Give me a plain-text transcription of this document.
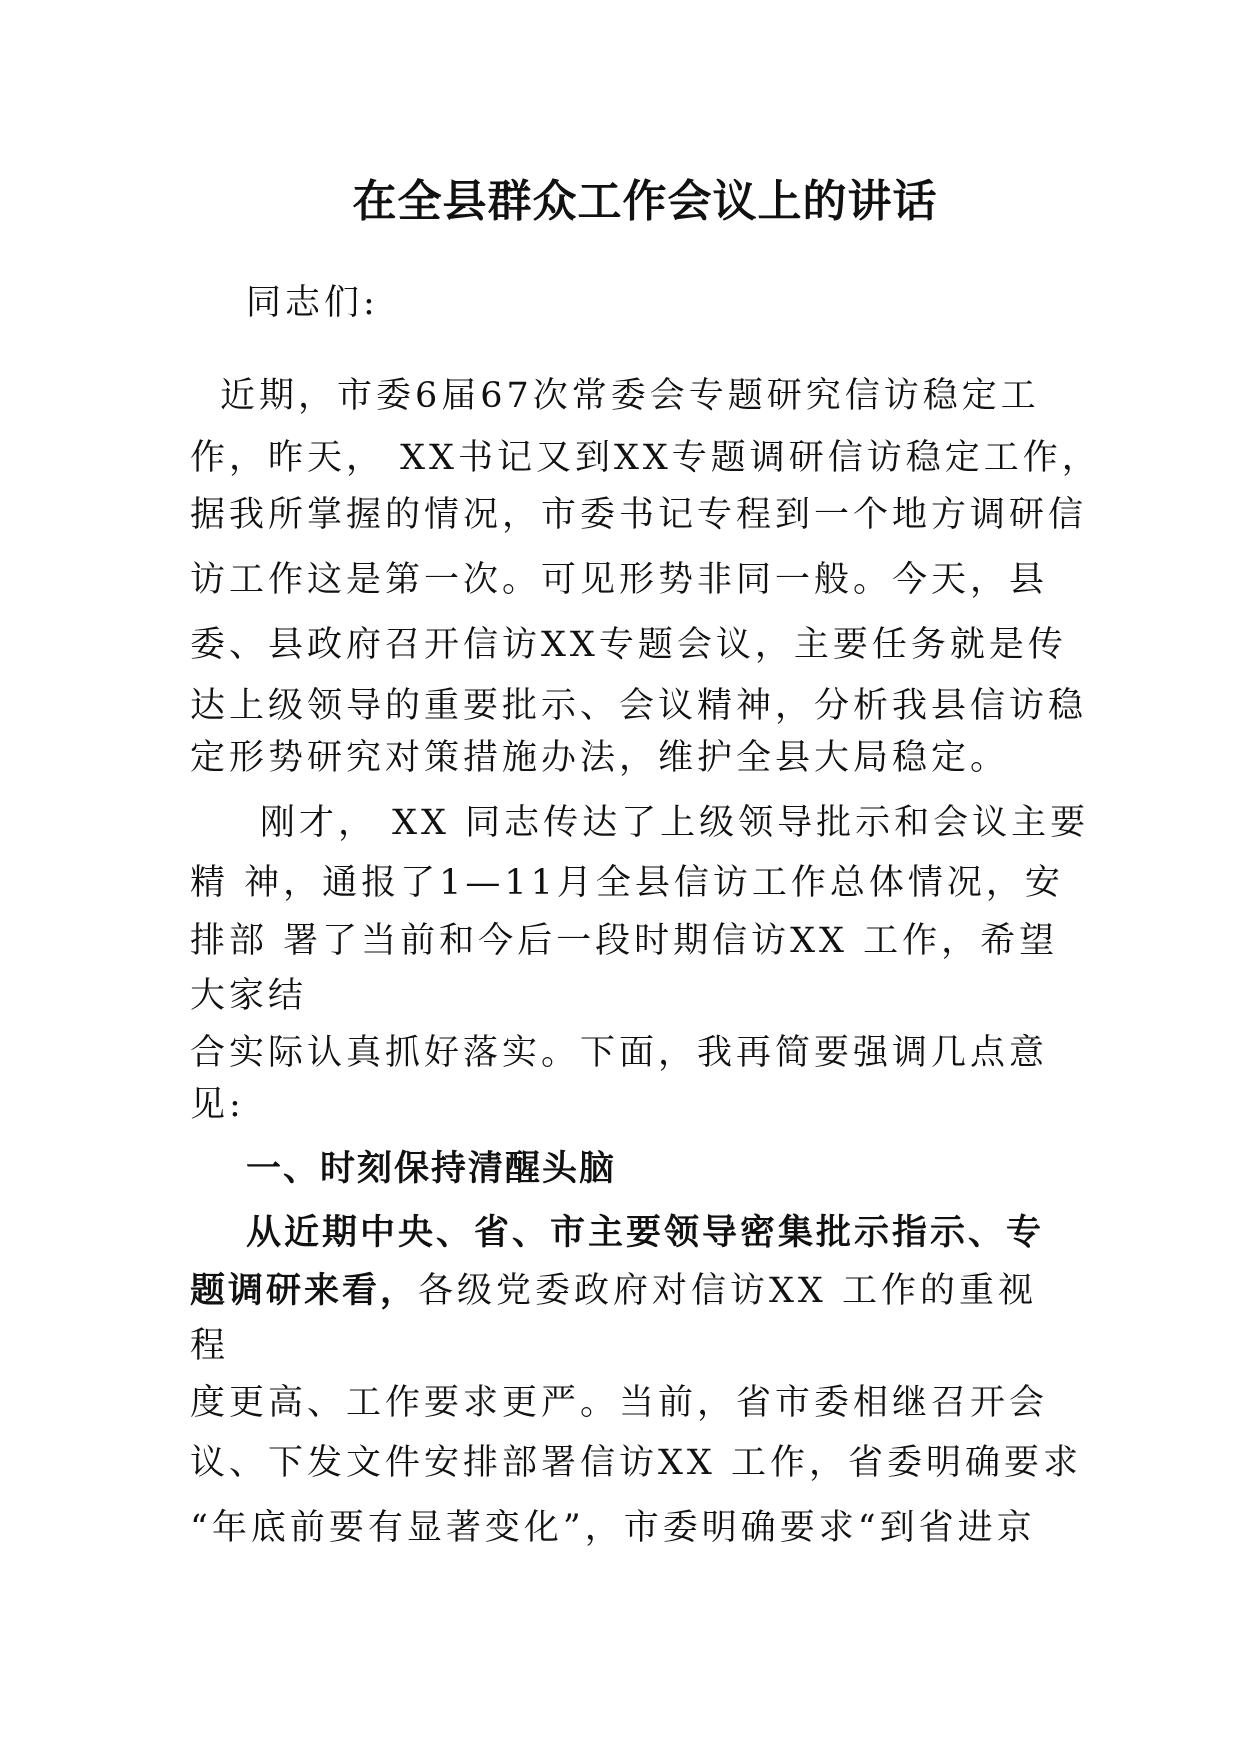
在全县群众工作会议上的讲话
同志们:
近期，市委6届67次常委会专题研究信访稳定工
作，昨天， XX书记又到XX专题调研信访稳定工作，
据我所掌握的情况，市委书记专程到一个地方调研信
访工作这是第一次。可见形势非同一般。今天，县
委、县政府召开信访XX专题会议，主要任务就是传
达上级领导的重要批示、会议精神，分析我县信访稳
定形势研究对策措施办法，维护全县大局稳定。
刚才， XX 同志传达了上级领导批示和会议主要
精 神，通报了1—11月全县信访工作总体情况，安
排部 署了当前和今后一段时期信访XX 工作，希望
大家结
合实际认真抓好落实。下面，我再简要强调几点意
见:
一、时刻保持清醒头脑
从近期中央、省、市主要领导密集批示指示、专
题调研来看，各级党委政府对信访XX 工作的重视
程
度更高、工作要求更严。当前，省市委相继召开会
议、下发文件安排部署信访XX 工作，省委明确要求
“年底前要有显著变化”，市委明确要求“到省进京
